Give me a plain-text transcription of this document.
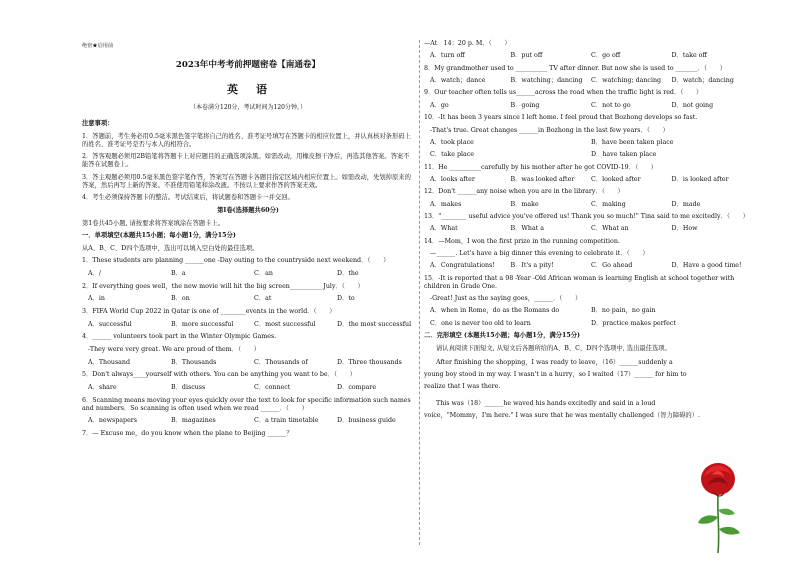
绝密★启用前
2023年中考考前押题密卷【南通卷】
英语
（本卷满分120分，考试时间为120分钟。）
注意事项：
1．答题前，考生务必用0.5毫米黑色签字笔将自己的姓名、准考证号填写在答题卡的相应位置上，并认真核对条形码上的姓名、准考证号是否与本人的相符合。
2．答客观题必须用2B铅笔将答题卡上对应题目的正确选项涂黑。如需改动，用橡皮擦干净后，再选其他答案。答案不能答在试题卷上。
3．答主观题必须用0.5毫米黑色签字笔作答，答案写在答题卡各题目指定区域内相应位置上。如需改动，先划掉原来的答案，然后再写上新的答案。不准使用铅笔和涂改液。不按以上要求作答的答案无效。
4．考生必须保持答题卡的整洁。考试结束后，将试题卷和答题卡一并交回。
第Ⅰ卷(选择题共60分)
第1卷共45小题, 请按要求将答案填涂在答题卡上。
一．单项填空(本题共15小题；每小题1分，满分15分)
从A、B、C、D四个选项中，选出可以填入空白处的最佳选项。
1．These students are planning ______one -Day outing to the countryside next weekend．（　　）
A．/	B．a	C．an	D．the
2．If everything goes well，the new movie will hit the big screen__________ July．（　　）
A．in	B．on	C．at	D．to
3．FIFA World Cup 2022 in Qatar is one of ________events in the world．（　　）
A．successful	B．more successful	C．most successful	D．the most successful
4．______ volunteers took part in the Winter Olympic Games.
-They were very great. We are proud of them．（　　）
A．Thousand	B．Thousands	C．Thousands of	D．Three thousands
5．Don't always____yourself with others. You can be anything you want to be．（　　）
A．share	B．discuss	C．connect	D．compare
6．Scanning means moving your eyes quickly over the text to look for specific information such names and numbers．So scanning is often used when we read ______．（　　）
A．newspapers	B．magazines	C．a train timetable	D．business guide
7．— Excuse me，do you know when the plane to Beijing ______？
—At　14：20 p. M．（　　）
A．turn off	B．put off	C．go off	D．take off
8．My grandmother used to __________ TV after dinner. But now she is used to _______．（　　）
A．watch；dance	B．watching；dancing	C．watching; dancing	D．watch；dancing
9．Our teacher often tells us______across the road when the traffic light is red．（　　）
A．go	B．going	C．not to go	D．not going
10．-It has been 3 years since I left home. I feel proud that Bozhong develops so fast.
-That's true. Great changes ______in Bozhong in the last few years．（　　）
A．took place	B．have been taken place
C．take place	D．have taken place
11．He __________carefully by his mother after he got COVID-19．（　　）
A．looks after	B．was looked after	C．looked after	D．is looked after
12．Don't ______any noise when you are in the library．（　　）
A．makes	B．make	C．making	D．made
13．"________ useful advice you've offered us! Thank you so much!" Tina said to me excitedly．（　　）
A．What	B．What a	C．What an	D．How
14．—Mom，I won the first prize in the running competition.
—______. Let's have a big dinner this evening to celebrate it．（　　）
A．Congratulations!	B．It's a pity!	C．Go ahead	D．Have a good time!
15．-It is reported that a 98 -Year -Old African woman is learning English at school together with children in Grade One.
-Great! Just as the saying goes，______．（　　）
A．when in Rome，do as the Romans do	B．no pain，no gain
C．one is never too old to learn	D．practice makes perfect
二．完形填空 (本题共15小题；每小题1分，满分15分)
请认真阅读下面短文, 从短文后各题所给的A、B、C、D四个选项中, 选出最佳选项。
After finishing the shopping，I was ready to leave，（16）______suddenly a young boy stood in my way. I wasn't in a hurry，so I waited（17）______ for him to realize that I was there.
This was（18）______he waved his hands excitedly and said in a loud voice，"Mommy，I'm here." I was sure that he was mentally challenged（智力障碍的）.
